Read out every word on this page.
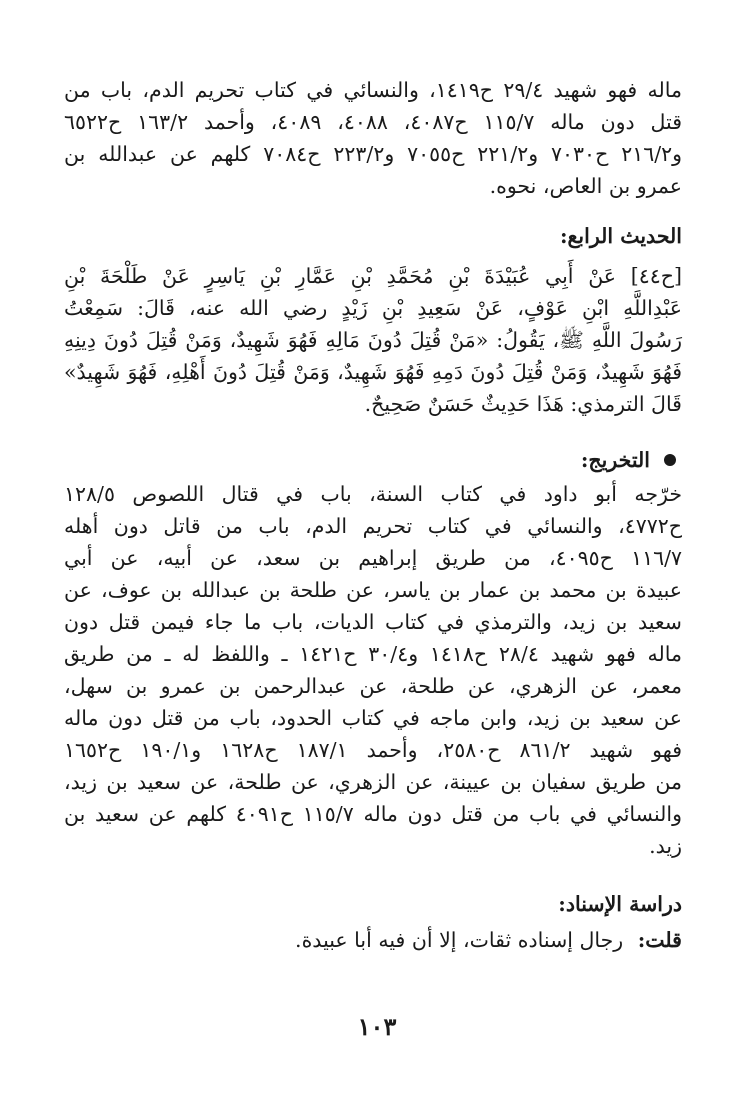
ماله فهو شهيد ٢٩/٤ ح١٤١٩، والنسائي في كتاب تحريم الدم، باب من
قتل دون ماله ١١٥/٧ ح٤٠٨٧، ٤٠٨٨، ٤٠٨٩، وأحمد ١٦٣/٢ ح٦٥٢٢
و٢١٦/٢ ح٧٠٣٠ و٢٢١/٢ ح٧٠٥٥ و٢٢٣/٢ ح٧٠٨٤ كلهم عن عبدالله بن
عمرو بن العاص، نحوه.
الحديث الرابع:
[ح٤٤] عَنْ أَبِي عُبَيْدَةَ بْنِ مُحَمَّدِ بْنِ عَمَّارِ بْنِ يَاسِرٍ عَنْ طَلْحَةَ بْنِ
عَبْدِاللَّهِ ابْنِ عَوْفٍ، عَنْ سَعِيدِ بْنِ زَيْدٍ رضي الله عنه، قَالَ: سَمِعْتُ
رَسُولَ اللَّهِ ﷺ، يَقُولُ: «مَنْ قُتِلَ دُونَ مَالِهِ فَهُوَ شَهِيدٌ، وَمَنْ قُتِلَ دُونَ دِينِهِ
فَهُوَ شَهِيدٌ، وَمَنْ قُتِلَ دُونَ دَمِهِ فَهُوَ شَهِيدٌ، وَمَنْ قُتِلَ دُونَ أَهْلِهِ، فَهُوَ شَهِيدٌ»
قَالَ الترمذي: هَذَا حَدِيثٌ حَسَنٌ صَحِيحٌ.
التخريج:
خرّجه أبو داود في كتاب السنة، باب في قتال اللصوص ١٢٨/٥
ح٤٧٧٢، والنسائي في كتاب تحريم الدم، باب من قاتل دون أهله
١١٦/٧ ح٤٠٩٥، من طريق إبراهيم بن سعد، عن أبيه، عن أبي
عبيدة بن محمد بن عمار بن ياسر، عن طلحة بن عبدالله بن عوف، عن
سعيد بن زيد، والترمذي في كتاب الديات، باب ما جاء فيمن قتل دون
ماله فهو شهيد ٢٨/٤ ح١٤١٨ و٣٠/٤ ح١٤٢١ ـ واللفظ له ـ من طريق
معمر، عن الزهري، عن طلحة، عن عبدالرحمن بن عمرو بن سهل،
عن سعيد بن زيد، وابن ماجه في كتاب الحدود، باب من قتل دون ماله
فهو شهيد ٨٦١/٢ ح٢٥٨٠، وأحمد ١٨٧/١ ح١٦٢٨ و١٩٠/١ ح١٦٥٢
من طريق سفيان بن عيينة، عن الزهري، عن طلحة، عن سعيد بن زيد،
والنسائي في باب من قتل دون ماله ١١٥/٧ ح٤٠٩١ كلهم عن سعيد بن
زيد.
دراسة الإسناد:
قلت: رجال إسناده ثقات، إلا أن فيه أبا عبيدة.
١٠٣
